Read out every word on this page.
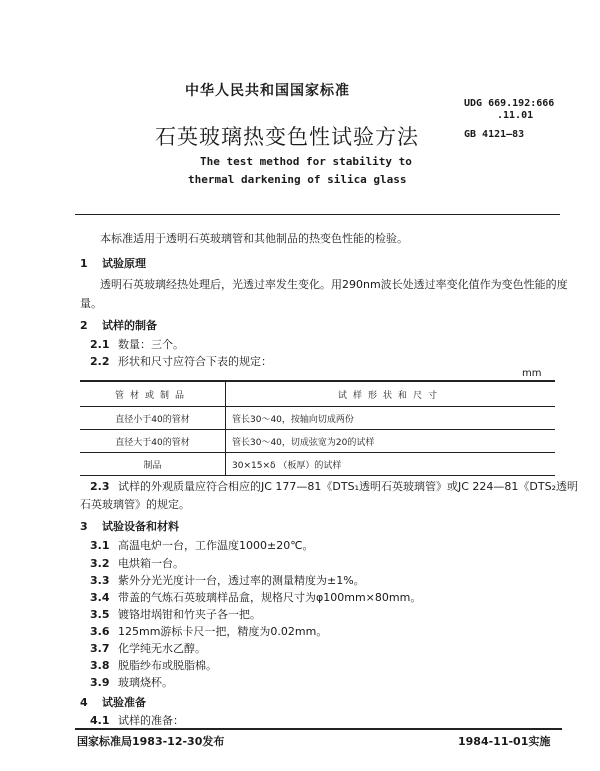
中华人民共和国国家标准
UDG 669.192:666
.11.01
石英玻璃热变色性试验方法	GB 4121—83
The test method for stability to
thermal darkening of silica glass
本标准适用于透明石英玻璃管和其他制品的热变色性能的检验。
1 试验原理
透明石英玻璃经热处理后，光透过率发生变化。用290nm波长处透过率变化值作为变色性能的度
量。
2 试样的制备
2.1 数量：三个。
2.2 形状和尺寸应符合下表的规定：
mm
管材或制品	试样形状和尺寸
直径小于40的管材	管长30～40，按轴向切成两份
直径大于40的管材	管长30～40，切成弦宽为20的试样
制品	30×15×δ （板厚）的试样
2.3 试样的外观质量应符合相应的JC 177—81《DTS₁透明石英玻璃管》或JC 224—81《DTS₂透明
石英玻璃管》的规定。
3 试验设备和材料
3.1 高温电炉一台，工作温度1000±20℃。
3.2 电烘箱一台。
3.3 紫外分光光度计一台，透过率的测量精度为±1%。
3.4 带盖的气炼石英玻璃样品盒，规格尺寸为φ100mm×80mm。
3.5 镀铬坩埚钳和竹夹子各一把。
3.6 125mm游标卡尺一把，精度为0.02mm。
3.7 化学纯无水乙醇。
3.8 脱脂纱布或脱脂棉。
3.9 玻璃烧杯。
4 试验准备
4.1 试样的准备：
国家标准局1983-12-30发布	1984-11-01实施
